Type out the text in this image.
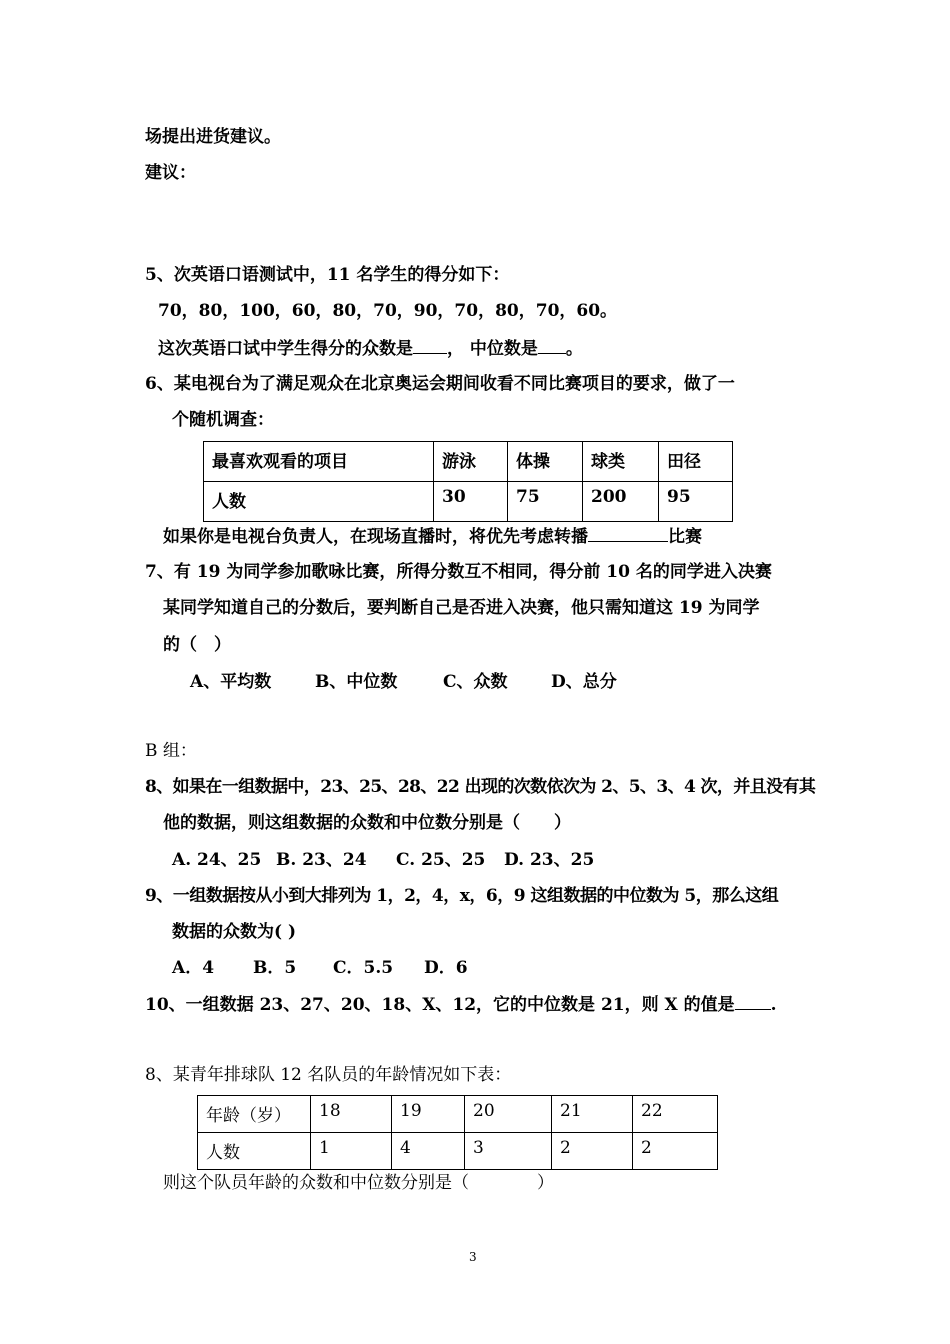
场提出进货建议。
建议：
5、次英语口语测试中，11 名学生的得分如下：
70，80，100，60，80，70，90，70，80，70，60。
这次英语口试中学生得分的众数是 ， 中位数是 。
6、某电视台为了满足观众在北京奥运会期间收看不同比赛项目的要求，做了一
个随机调查：
最喜欢观看的项目	游泳	体操	球类	田径
人数	30	75	200	95
如果你是电视台负责人，在现场直播时，将优先考虑转播	比赛
7、有 19 为同学参加歌咏比赛，所得分数互不相同，得分前 10 名的同学进入决赛
某同学知道自己的分数后，要判断自己是否进入决赛，他只需知道这 19 为同学
的（　）
A、平均数	B、中位数	C、众数	D、总分
B 组：
8、如果在一组数据中，23、25、28、22 出现的次数依次为 2、5、3、4 次，并且没有其
他的数据，则这组数据的众数和中位数分别是（　　）
A. 24、25 B. 23、24 C. 25、25 D. 23、25
9、一组数据按从小到大排列为 1，2，4，x，6，9 这组数据的中位数为 5，那么这组
数据的众数为( )
A．4 B．5 C．5.5 D．6
10、一组数据 23、27、20、18、X、12，它的中位数是 21，则 X 的值是 .
8、某青年排球队 12 名队员的年龄情况如下表：
年龄（岁）	18	19	20	21	22
人数	1	4	3	2	2
则这个队员年龄的众数和中位数分别是（　　　　）
3
